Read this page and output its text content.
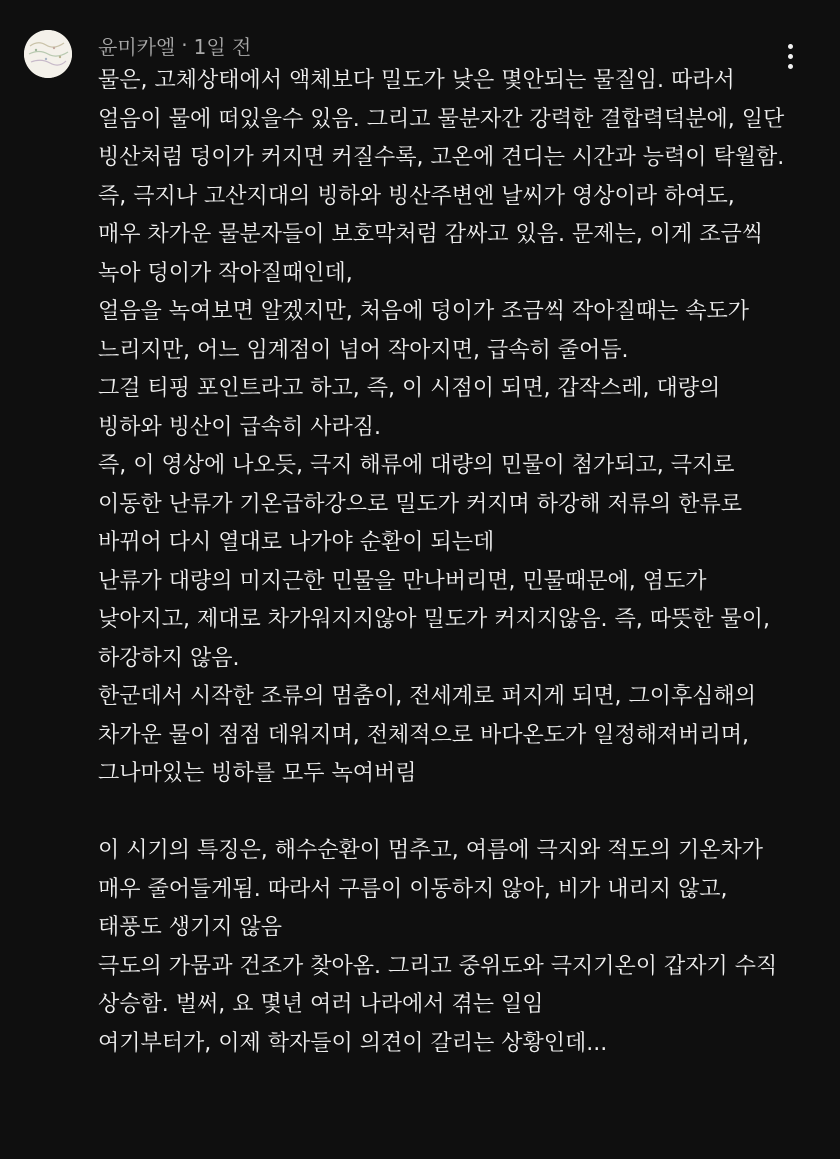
윤미카엘 · 1일 전
물은, 고체상태에서 액체보다 밀도가 낮은 몇안되는 물질임. 따라서
얼음이 물에 떠있을수 있음. 그리고 물분자간 강력한 결합력덕분에, 일단
빙산처럼 덩이가 커지면 커질수록, 고온에 견디는 시간과 능력이 탁월함.
즉, 극지나 고산지대의 빙하와 빙산주변엔 날씨가 영상이라 하여도,
매우 차가운 물분자들이 보호막처럼 감싸고 있음. 문제는, 이게 조금씩
녹아 덩이가 작아질때인데,
얼음을 녹여보면 알겠지만, 처음에 덩이가 조금씩 작아질때는 속도가
느리지만, 어느 임계점이 넘어 작아지면, 급속히 줄어듬.
그걸 티핑 포인트라고 하고, 즉, 이 시점이 되면, 갑작스레, 대량의
빙하와 빙산이 급속히 사라짐.
즉, 이 영상에 나오듯, 극지 해류에 대량의 민물이 첨가되고, 극지로
이동한 난류가 기온급하강으로 밀도가 커지며 하강해 저류의 한류로
바뀌어 다시 열대로 나가야 순환이 되는데
난류가 대량의 미지근한 민물을 만나버리면, 민물때문에, 염도가
낮아지고, 제대로 차가워지지않아 밀도가 커지지않음. 즉, 따뜻한 물이,
하강하지 않음.
한군데서 시작한 조류의 멈춤이, 전세계로 퍼지게 되면, 그이후심해의
차가운 물이 점점 데워지며, 전체적으로 바다온도가 일정해져버리며,
그나마있는 빙하를 모두 녹여버림
이 시기의 특징은, 해수순환이 멈추고, 여름에 극지와 적도의 기온차가
매우 줄어들게됨. 따라서 구름이 이동하지 않아, 비가 내리지 않고,
태풍도 생기지 않음
극도의 가뭄과 건조가 찾아옴. 그리고 중위도와 극지기온이 갑자기 수직
상승함. 벌써, 요 몇년 여러 나라에서 겪는 일임
여기부터가, 이제 학자들이 의견이 갈리는 상황인데...
